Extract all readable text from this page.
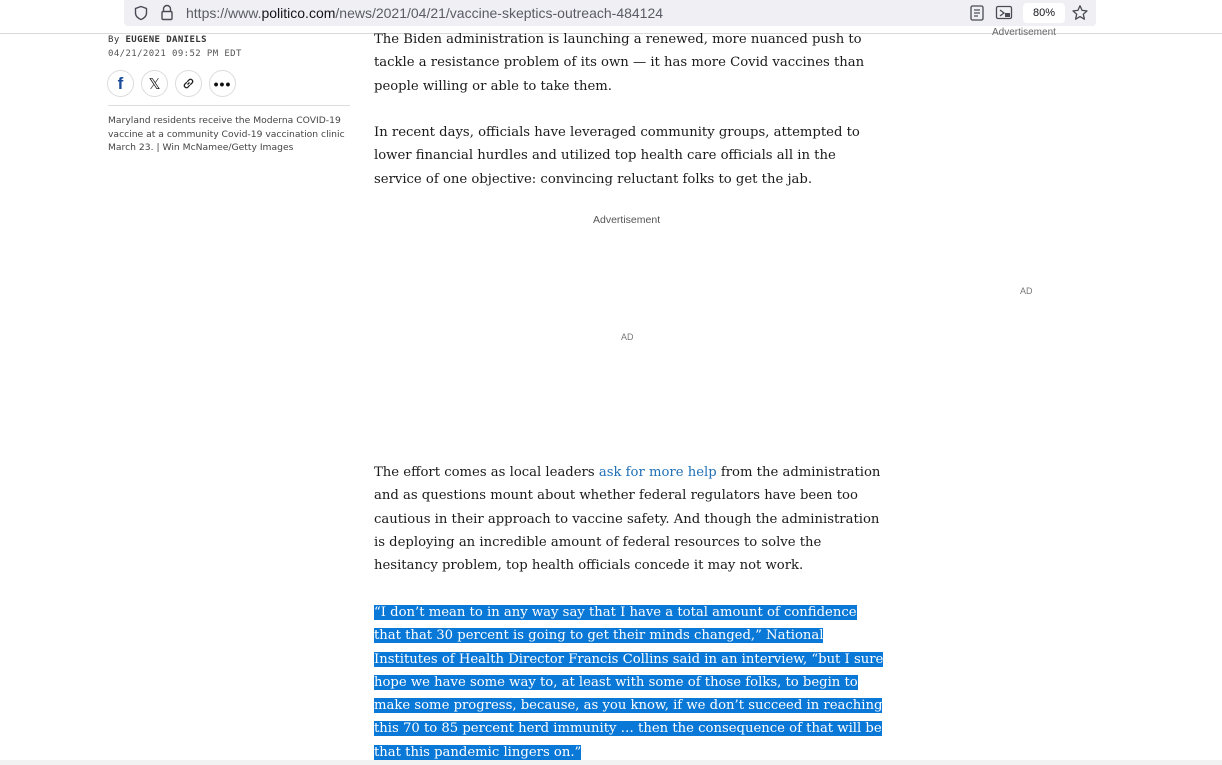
https://www.politico.com/news/2021/04/21/vaccine-skeptics-outreach-484124	80%
By EUGENE DANIELS
04/21/2021 09:52 PM EDT
f 𝕏	•••
Maryland residents receive the Moderna COVID-19 vaccine at a community Covid-19 vaccination clinic March 23. | Win McNamee/Getty Images

The Biden administration is launching a renewed, more nuanced push to tackle a resistance problem of its own — it has more Covid vaccines than people willing or able to take them.

In recent days, officials have leveraged community groups, attempted to lower financial hurdles and utilized top health care officials all in the service of one objective: convincing reluctant folks to get the jab.

Advertisement
AD

The effort comes as local leaders ask for more help from the administration and as questions mount about whether federal regulators have been too cautious in their approach to vaccine safety. And though the administration is deploying an incredible amount of federal resources to solve the hesitancy problem, top health officials concede it may not work.

“I don’t mean to in any way say that I have a total amount of confidence that that 30 percent is going to get their minds changed,” National Institutes of Health Director Francis Collins said in an interview, “but I sure hope we have some way to, at least with some of those folks, to begin to make some progress, because, as you know, if we don’t succeed in reaching this 70 to 85 percent herd immunity … then the consequence of that will be that this pandemic lingers on.”

Advertisement
AD
